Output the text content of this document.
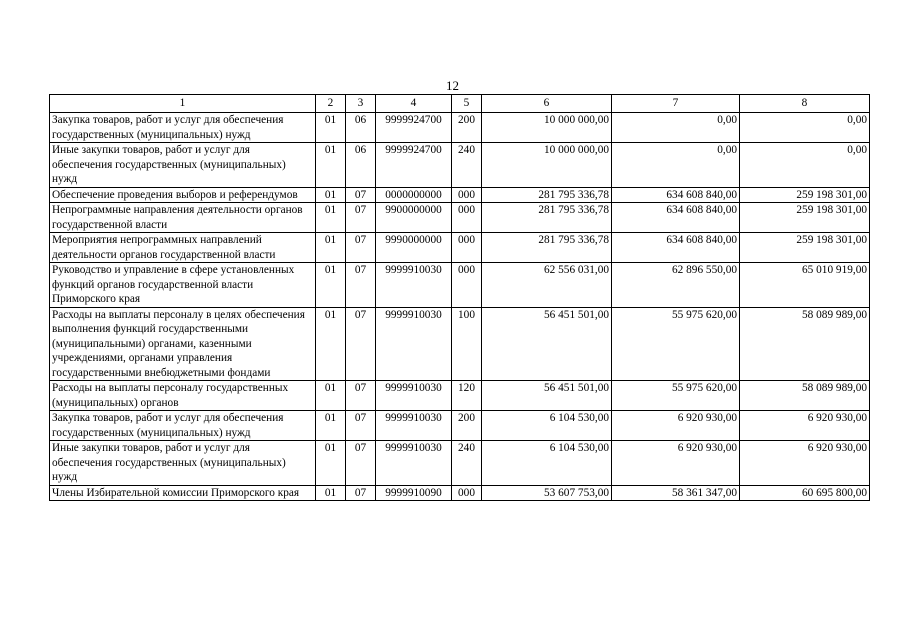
12
1	2	3	4	5	6	7	8
Закупка товаров, работ и услуг для обеспечения государственных (муниципальных) нужд	01	06	9999924700	200	10 000 000,00	0,00	0,00
Иные закупки товаров, работ и услуг для обеспечения государственных (муниципальных) нужд	01	06	9999924700	240	10 000 000,00	0,00	0,00
Обеспечение проведения выборов и референдумов	01	07	0000000000	000	281 795 336,78	634 608 840,00	259 198 301,00
Непрограммные направления деятельности органов государственной власти	01	07	9900000000	000	281 795 336,78	634 608 840,00	259 198 301,00
Мероприятия непрограммных направлений деятельности органов государственной власти	01	07	9990000000	000	281 795 336,78	634 608 840,00	259 198 301,00
Руководство и управление в сфере установленных функций органов государственной власти Приморского края	01	07	9999910030	000	62 556 031,00	62 896 550,00	65 010 919,00
Расходы на выплаты персоналу в целях обеспечения выполнения функций государственными (муниципальными) органами, казенными учреждениями, органами управления государственными внебюджетными фондами	01	07	9999910030	100	56 451 501,00	55 975 620,00	58 089 989,00
Расходы на выплаты персоналу государственных (муниципальных) органов	01	07	9999910030	120	56 451 501,00	55 975 620,00	58 089 989,00
Закупка товаров, работ и услуг для обеспечения государственных (муниципальных) нужд	01	07	9999910030	200	6 104 530,00	6 920 930,00	6 920 930,00
Иные закупки товаров, работ и услуг для обеспечения государственных (муниципальных) нужд	01	07	9999910030	240	6 104 530,00	6 920 930,00	6 920 930,00
Члены Избирательной комиссии Приморского края	01	07	9999910090	000	53 607 753,00	58 361 347,00	60 695 800,00
